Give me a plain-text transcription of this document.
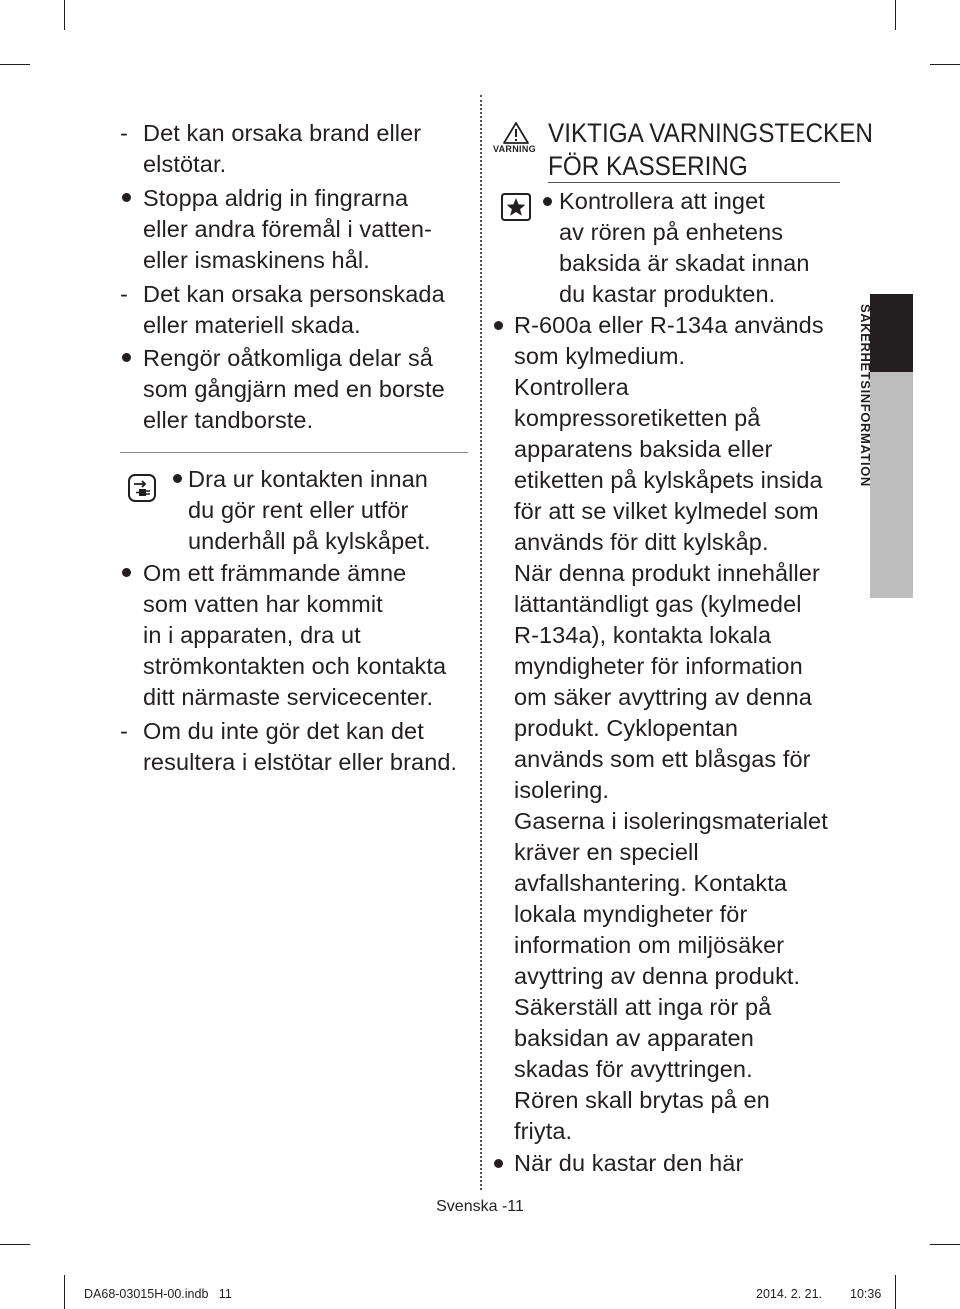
- Det kan orsaka brand eller
elstötar.
Stoppa aldrig in fingrarna
eller andra föremål i vatten-
eller ismaskinens hål.
- Det kan orsaka personskada
eller materiell skada.
Rengör oåtkomliga delar så
som gångjärn med en borste
eller tandborste.
Dra ur kontakten innan
du gör rent eller utför
underhåll på kylskåpet.
Om ett främmande ämne
som vatten har kommit
in i apparaten, dra ut
strömkontakten och kontakta
ditt närmaste servicecenter.
- Om du inte gör det kan det
resultera i elstötar eller brand.
VARNING
VIKTIGA VARNINGSTECKEN
FÖR KASSERING
Kontrollera att inget
av rören på enhetens
baksida är skadat innan
du kastar produkten.
R-600a eller R-134a används
som kylmedium.
Kontrollera
kompressoretiketten på
apparatens baksida eller
etiketten på kylskåpets insida
för att se vilket kylmedel som
används för ditt kylskåp.
När denna produkt innehåller
lättantändligt gas (kylmedel
R-134a), kontakta lokala
myndigheter för information
om säker avyttring av denna
produkt. Cyklopentan
används som ett blåsgas för
isolering.
Gaserna i isoleringsmaterialet
kräver en speciell
avfallshantering. Kontakta
lokala myndigheter för
information om miljösäker
avyttring av denna produkt.
Säkerställ att inga rör på
baksidan av apparaten
skadas för avyttringen.
Rören skall brytas på en
friyta.
När du kastar den här
SÄKERHETSINFORMATION
Svenska -11
DA68-03015H-00.indb   11	2014. 2. 21. 10:36
